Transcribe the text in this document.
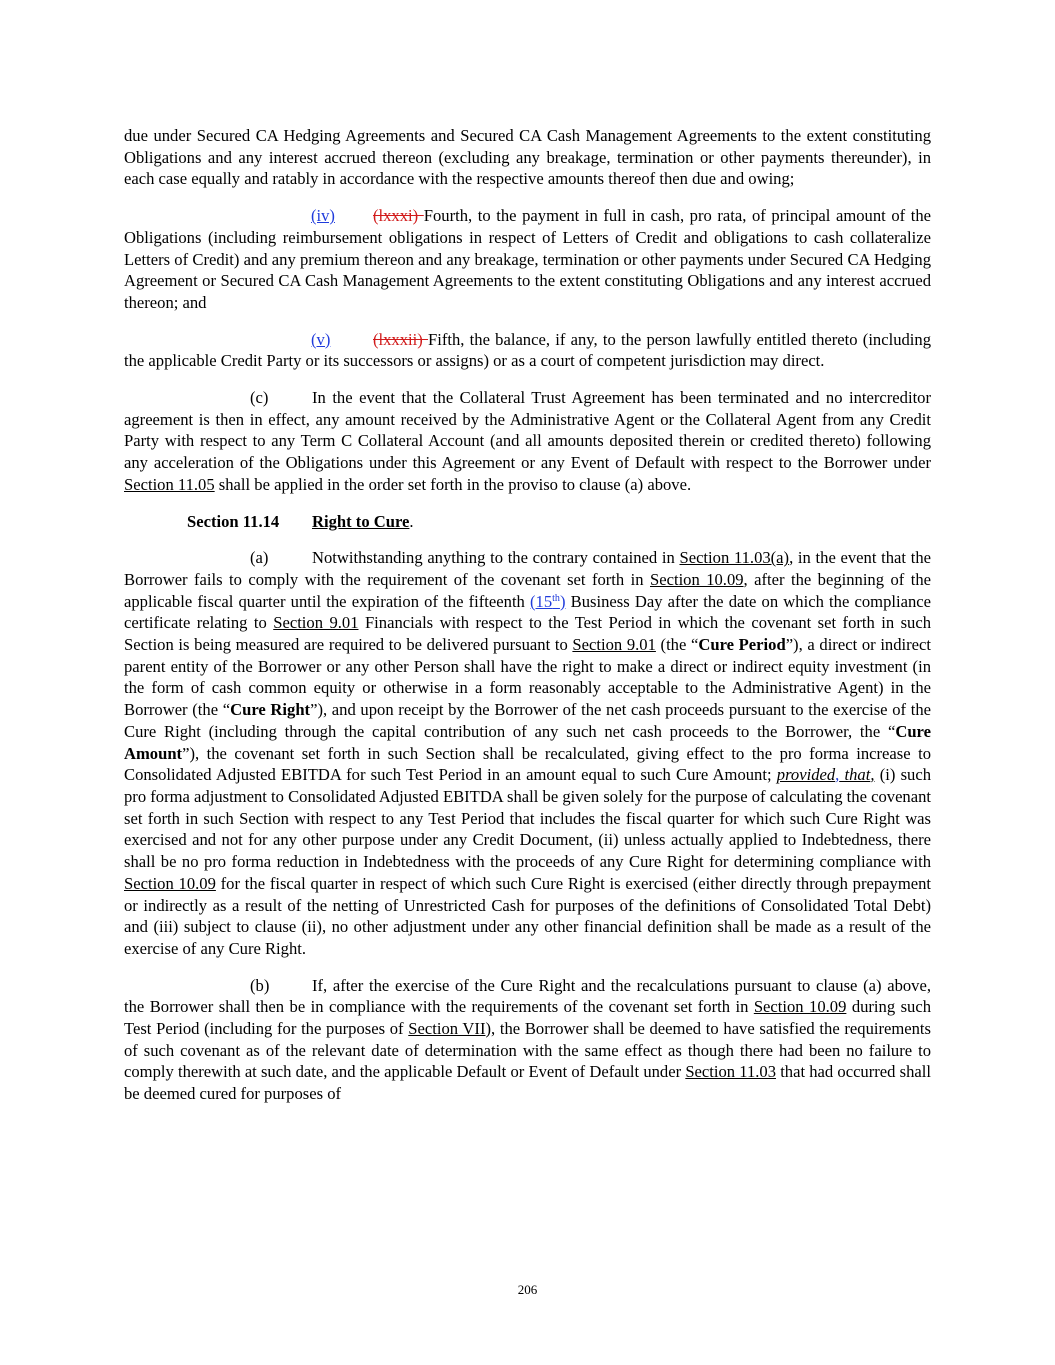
due under Secured CA Hedging Agreements and Secured CA Cash Management Agreements to the extent constituting Obligations and any interest accrued thereon (excluding any breakage, termination or other payments thereunder), in each case equally and ratably in accordance with the respective amounts thereof then due and owing;

(iv) (lxxxi) Fourth, to the payment in full in cash, pro rata, of principal amount of the Obligations (including reimbursement obligations in respect of Letters of Credit and obligations to cash collateralize Letters of Credit) and any premium thereon and any breakage, termination or other payments under Secured CA Hedging Agreement or Secured CA Cash Management Agreements to the extent constituting Obligations and any interest accrued thereon; and

(v)	(lxxxii) Fifth, the balance, if any, to the person lawfully entitled thereto (including the applicable Credit Party or its successors or assigns) or as a court of competent jurisdiction may direct.

(c)	In the event that the Collateral Trust Agreement has been terminated and no intercreditor agreement is then in effect, any amount received by the Administrative Agent or the Collateral Agent from any Credit Party with respect to any Term C Collateral Account (and all amounts deposited therein or credited thereto) following any acceleration of the Obligations under this Agreement or any Event of Default with respect to the Borrower under Section 11.05 shall be applied in the order set forth in the proviso to clause (a) above.

Section 11.14 Right to Cure.

(a)	Notwithstanding anything to the contrary contained in Section 11.03(a), in the event that the Borrower fails to comply with the requirement of the covenant set forth in Section 10.09, after the beginning of the applicable fiscal quarter until the expiration of the fifteenth (15th) Business Day after the date on which the compliance certificate relating to Section 9.01 Financials with respect to the Test Period in which the covenant set forth in such Section is being measured are required to be delivered pursuant to Section 9.01 (the “Cure Period”), a direct or indirect parent entity of the Borrower or any other Person shall have the right to make a direct or indirect equity investment (in the form of cash common equity or otherwise in a form reasonably acceptable to the Administrative Agent) in the Borrower (the “Cure Right”), and upon receipt by the Borrower of the net cash proceeds pursuant to the exercise of the Cure Right (including through the capital contribution of any such net cash proceeds to the Borrower, the “Cure Amount”), the covenant set forth in such Section shall be recalculated, giving effect to the pro forma increase to Consolidated Adjusted EBITDA for such Test Period in an amount equal to such Cure Amount; provided, that, (i) such pro forma adjustment to Consolidated Adjusted EBITDA shall be given solely for the purpose of calculating the covenant set forth in such Section with respect to any Test Period that includes the fiscal quarter for which such Cure Right was exercised and not for any other purpose under any Credit Document, (ii) unless actually applied to Indebtedness, there shall be no pro forma reduction in Indebtedness with the proceeds of any Cure Right for determining compliance with Section 10.09 for the fiscal quarter in respect of which such Cure Right is exercised (either directly through prepayment or indirectly as a result of the netting of Unrestricted Cash for purposes of the definitions of Consolidated Total Debt) and (iii) subject to clause (ii), no other adjustment under any other financial definition shall be made as a result of the exercise of any Cure Right.

(b)	If, after the exercise of the Cure Right and the recalculations pursuant to clause (a) above, the Borrower shall then be in compliance with the requirements of the covenant set forth in Section 10.09 during such Test Period (including for the purposes of Section VII), the Borrower shall be deemed to have satisfied the requirements of such covenant as of the relevant date of determination with the same effect as though there had been no failure to comply therewith at such date, and the applicable Default or Event of Default under Section 11.03 that had occurred shall be deemed cured for purposes of

206
